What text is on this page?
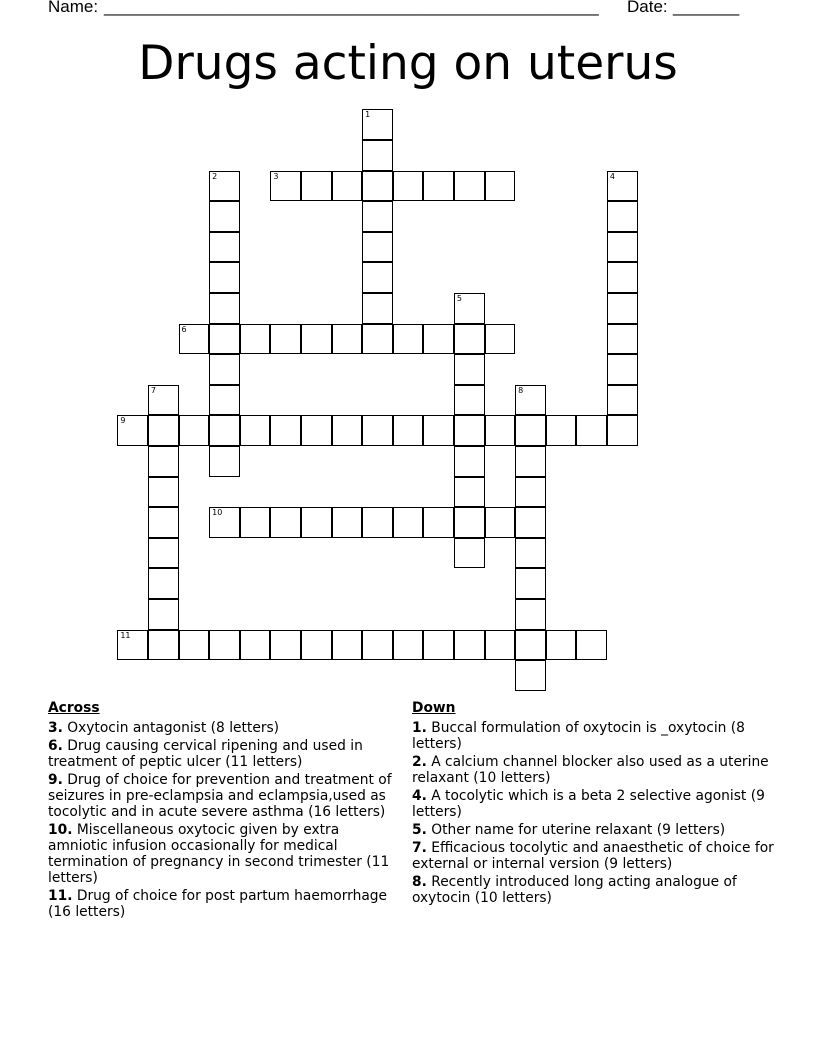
Name: ______________________________________________________ Date: _______
Drugs acting on uterus
1
2	3	4
5
6
7	8
9
10
11
Across
3. Oxytocin antagonist (8 letters)
6. Drug causing cervical ripening and used in treatment of peptic ulcer (11 letters)
9. Drug of choice for prevention and treatment of seizures in pre-eclampsia and eclampsia,used as tocolytic and in acute severe asthma (16 letters)
10. Miscellaneous oxytocic given by extra amniotic infusion occasionally for medical termination of pregnancy in second trimester (11 letters)
11. Drug of choice for post partum haemorrhage (16 letters)
Down
1. Buccal formulation of oxytocin is _oxytocin (8 letters)
2. A calcium channel blocker also used as a uterine relaxant (10 letters)
4. A tocolytic which is a beta 2 selective agonist (9 letters)
5. Other name for uterine relaxant (9 letters)
7. Efficacious tocolytic and anaesthetic of choice for external or internal version (9 letters)
8. Recently introduced long acting analogue of oxytocin (10 letters)
